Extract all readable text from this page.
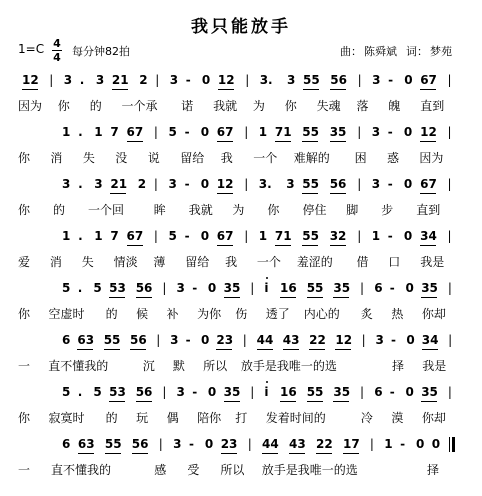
我只能放手
1=C 4
4 每分钟82拍	曲： 陈舜斌 词： 梦苑
12 | 3 . 3 21 2 | 3 - 0 12 | 3. 3 55 56 | 3 - 0 67 |
因为 你 的 一个承 诺 我就 为 你 失魂 落 魄 直到
1 . 1 7 67 | 5 - 0 67 | 1 71 55 35 | 3 - 0 12 |
你 消 失 没 说 留给 我 一个 难解的 困 惑 因为
3 . 3 21 2 | 3 - 0 12 | 3. 3 55 56 | 3 - 0 67 |
你 的 一个回 眸 我就 为 你 停住 脚 步 直到
1 . 1 7 67 | 5 - 0 67 | 1 71 55 32 | 1 - 0 34 |
爱 消 失 情淡 薄 留给 我 一个 羞涩的 借 口 我是
5 . 5 53 56 | 3 - 0 35 | i 16 55 35 | 6 - 0 35 |
你 空虚时 的 候 补 为你 伤 透了 内心的 炙 热 你却
6 63 55 56 | 3 - 0 23 | 44 43 22 12 | 3 - 0 34 |
一 直不懂我的	沉 默 所以 放手是我唯一的选	择 我是
5 . 5 53 56 | 3 - 0 35 | i 16 55 35 | 6 - 0 35 |
你 寂寞时 的 玩 偶 陪你 打 发着时间的	冷 漠 你却
6 63 55 56 | 3 - 0 23 | 44 43 22 17 | 1 - 0 0
一 直不懂我的	感 受 所以 放手是我唯一的选	择
